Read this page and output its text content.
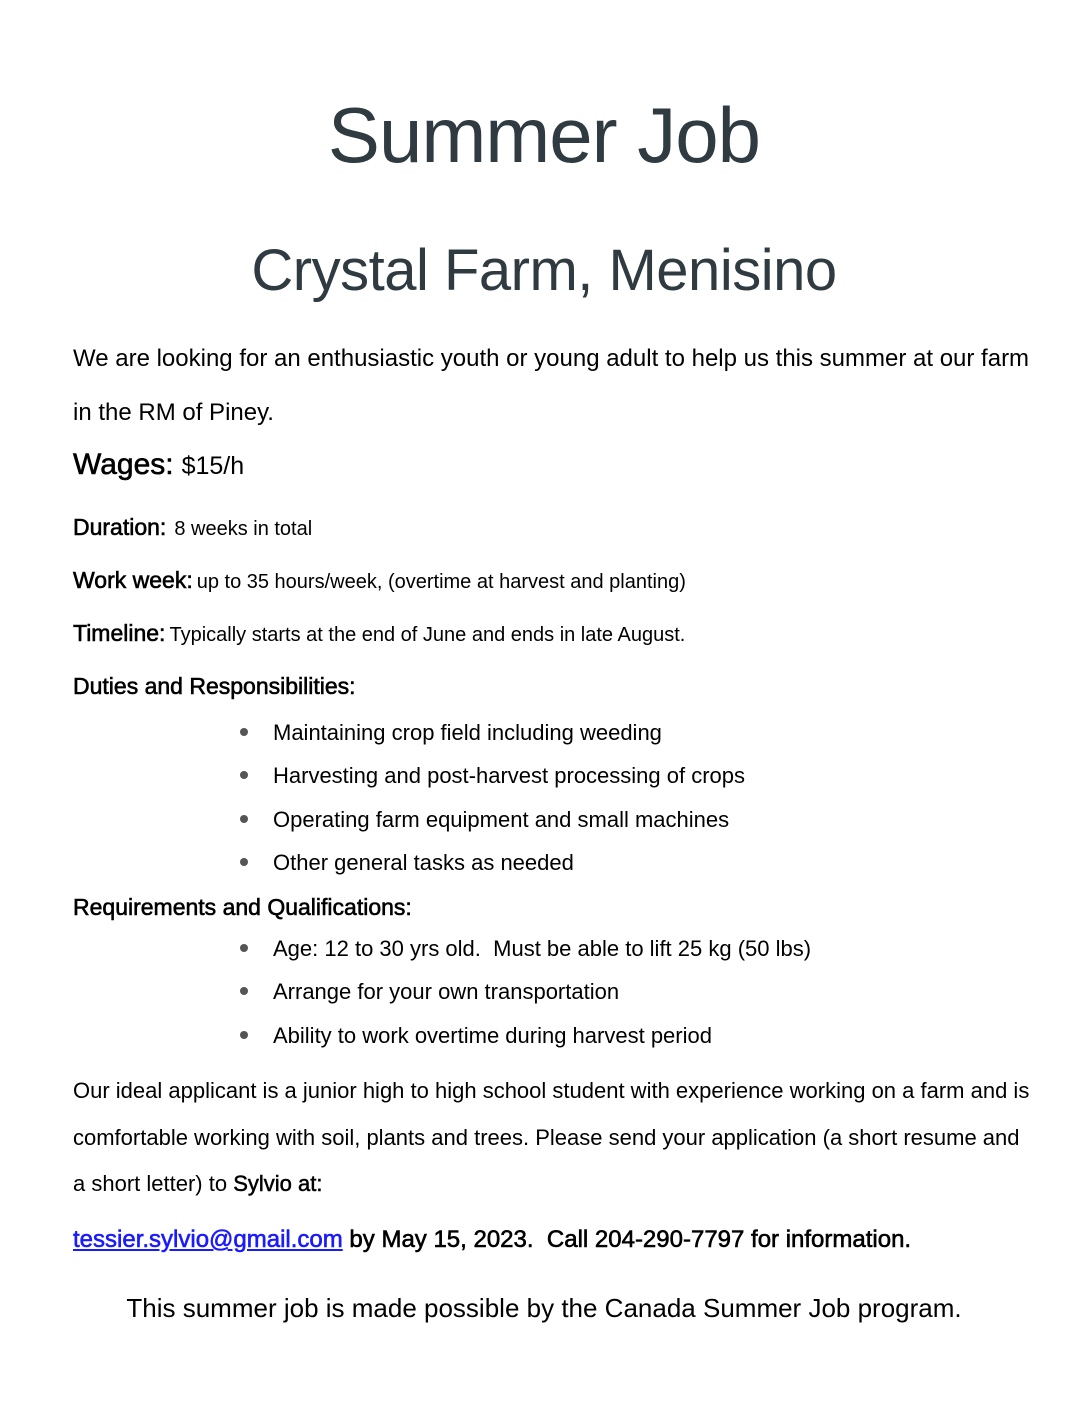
Summer Job
Crystal Farm, Menisino
We are looking for an enthusiastic youth or young adult to help us this summer at our farm in the RM of Piney.
Wages: $15/h
Duration: 8 weeks in total
Work week: up to 35 hours/week, (overtime at harvest and planting)
Timeline: Typically starts at the end of June and ends in late August.
Duties and Responsibilities:
Maintaining crop field including weeding
Harvesting and post-harvest processing of crops
Operating farm equipment and small machines
Other general tasks as needed
Requirements and Qualifications:
Age: 12 to 30 yrs old.  Must be able to lift 25 kg (50 lbs)
Arrange for your own transportation
Ability to work overtime during harvest period
Our ideal applicant is a junior high to high school student with experience working on a farm and is comfortable working with soil, plants and trees. Please send your application (a short resume and a short letter) to Sylvio at:
tessier.sylvio@gmail.com by May 15, 2023.  Call 204-290-7797 for information.
This summer job is made possible by the Canada Summer Job program.
